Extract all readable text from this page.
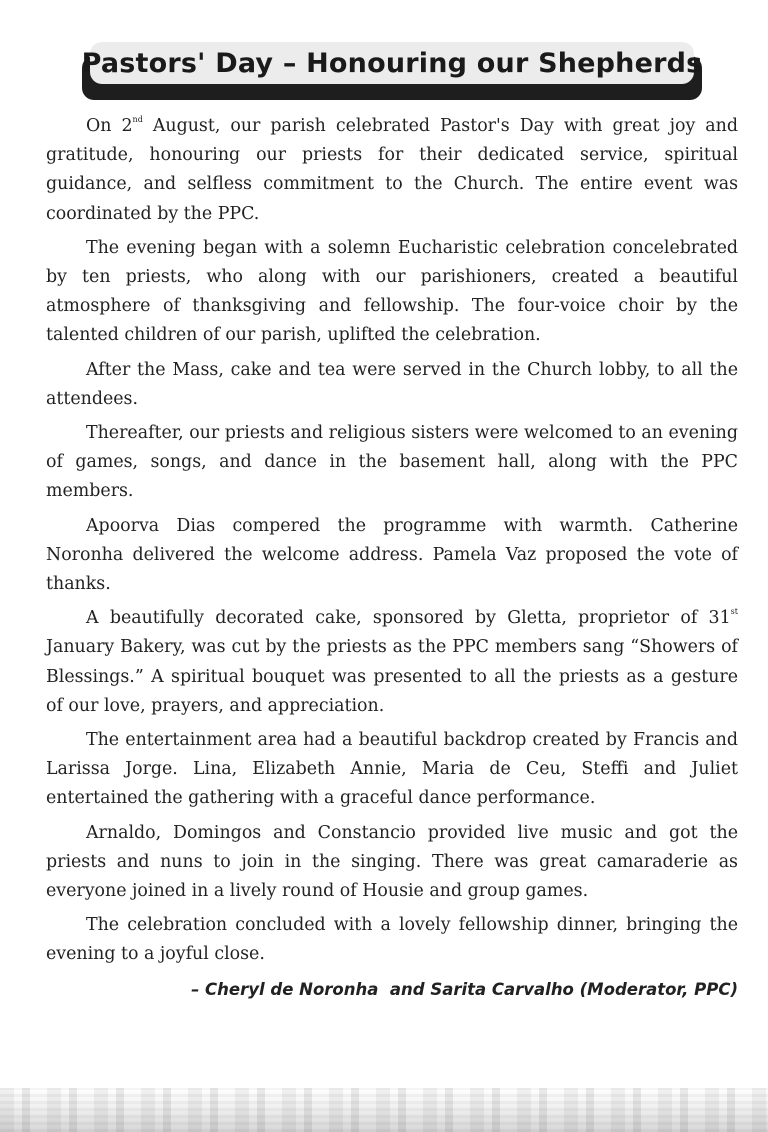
Pastors' Day – Honouring our Shepherds

On 2nd August, our parish celebrated Pastor's Day with great joy and gratitude, honouring our priests for their dedicated service, spiritual guidance, and selfless commitment to the Church. The entire event was coordinated by the PPC.

The evening began with a solemn Eucharistic celebration concelebrated by ten priests, who along with our parishioners, created a beautiful atmosphere of thanksgiving and fellowship. The four-voice choir by the talented children of our parish, uplifted the celebration.

After the Mass, cake and tea were served in the Church lobby, to all the attendees.

Thereafter, our priests and religious sisters were welcomed to an evening of games, songs, and dance in the basement hall, along with the PPC members.

Apoorva Dias compered the programme with warmth. Catherine Noronha delivered the welcome address. Pamela Vaz proposed the vote of thanks.

A beautifully decorated cake, sponsored by Gletta, proprietor of 31st January Bakery, was cut by the priests as the PPC members sang “Showers of Blessings.” A spiritual bouquet was presented to all the priests as a gesture of our love, prayers, and appreciation.

The entertainment area had a beautiful backdrop created by Francis and Larissa Jorge. Lina, Elizabeth Annie, Maria de Ceu, Steffi and Juliet entertained the gathering with a graceful dance performance.

Arnaldo, Domingos and Constancio provided live music and got the priests and nuns to join in the singing. There was great camaraderie as everyone joined in a lively round of Housie and group games.

The celebration concluded with a lovely fellowship dinner, bringing the evening to a joyful close.

– Cheryl de Noronha  and Sarita Carvalho (Moderator, PPC)
